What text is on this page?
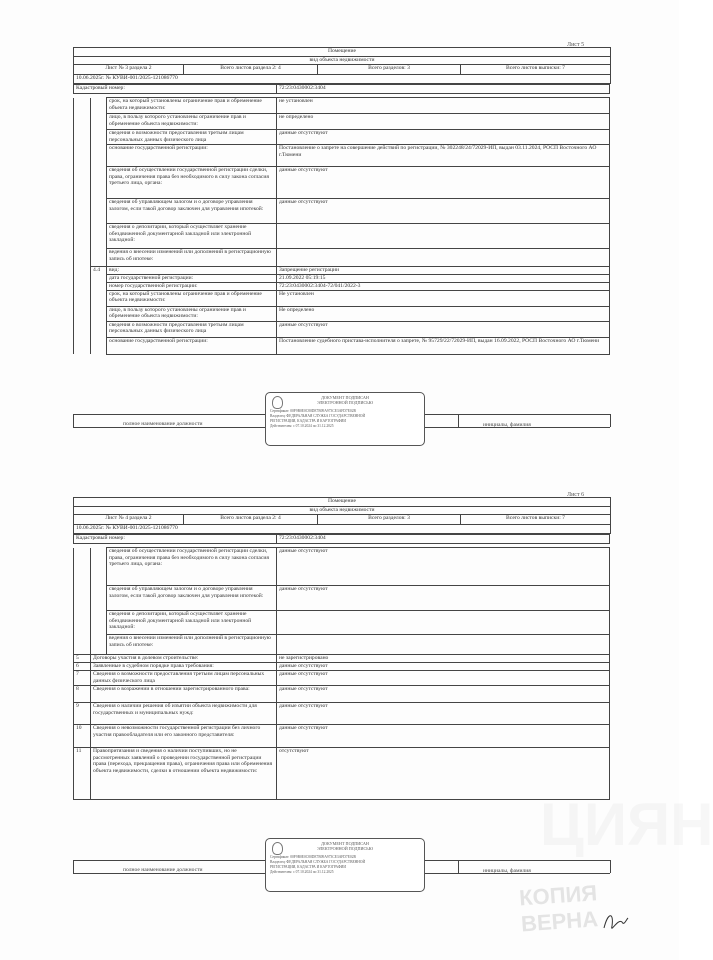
Лист 5
Помещение
вид объекта недвижимости
Лист № 3 раздела 2	Всего листов раздела 2: 4	Всего разделов: 3	Всего листов выписки: 7
10.06.2025г. № КУВИ-001/2025-121086770
Кадастровый номер:	72:23:0430002:3404
		срок, на который установлены ограничение прав и обременение объекта недвижимости:	не установлен
		лицо, в пользу которого установлены ограничение прав и обременение объекта недвижимости:	не определено
		сведения о возможности предоставления третьим лицам персональных данных физического лица	данные отсутствуют
		основание государственной регистрации:	Постановление о запрете на совершение действий по регистрации, № 302248/24/72029-ИП, выдан 03.11.2024, РОСП Восточного АО г.Тюмени
		сведения об осуществлении государственной регистрации сделки, права, ограничения права без необходимого в силу закона согласия третьего лица, органа:	данные отсутствуют
		сведения об управляющем залогом и о договоре управления залогом, если такой договор заключен для управления ипотекой:	данные отсутствуют
		сведения о депозитарии, который осуществляет хранение обездвиженной документарной закладной или электронной закладной:	
		ведения о внесении изменений или дополнений в регистрационную запись об ипотеке:	
	4.4	вид:	Запрещение регистрации
		дата государственной регистрации:	21.09.2022 05:19:15
		номер государственной регистрации:	72:23:0430002:3404-72/041/2022-3
		срок, на который установлены ограничение прав и обременение объекта недвижимости:	Не установлен
		лицо, в пользу которого установлены ограничение прав и обременение объекта недвижимости:	Не определено
		сведения о возможности предоставления третьим лицам персональных данных физического лица	данные отсутствуют
		основание государственной регистрации:	Постановление судебного пристава-исполнителя о запрете, № 95729/22/72029-ИП, выдан 16.09.2022, РОСП Восточного АО г.Тюмени
полное наименование должности	инициалы, фамилия
ДОКУМЕНТ ПОДПИСАН
ЭЛЕКТРОННОЙ ПОДПИСЬЮ
Сертификат: 00F9B0E0C80DE7B09A973CE3AFD7E02B
Владелец: ФЕДЕРАЛЬНАЯ СЛУЖБА ГОСУДАРСТВЕННОЙ
РЕГИСТРАЦИИ, КАДАСТРА И КАРТОГРАФИИ
Действителен: с 07.10.2024 по 31.12.2025
Лист 6
Помещение
вид объекта недвижимости
Лист № 4 раздела 2	Всего листов раздела 2: 4	Всего разделов: 3	Всего листов выписки: 7
10.06.2025г. № КУВИ-001/2025-121086770
Кадастровый номер:	72:23:0430002:3404
		сведения об осуществлении государственной регистрации сделки, права, ограничения права без необходимого в силу закона согласия третьего лица, органа:	данные отсутствуют
		сведения об управляющем залогом и о договоре управления залогом, если такой договор заключен для управления ипотекой:	данные отсутствуют
		сведения о депозитарии, который осуществляет хранение обездвиженной документарной закладной или электронной закладной:	
		ведения о внесении изменений или дополнений в регистрационную запись об ипотеке:	
5	Договоры участия в долевом строительстве:		не зарегистрировано
6	Заявленные в судебном порядке права требования:		данные отсутствуют
7	Сведения о возможности предоставления третьим лицам персональных данных физического лица		данные отсутствуют
8	Сведения о возражении в отношении зарегистрированного права:		данные отсутствуют
9	Сведения о наличии решения об изъятии объекта недвижимости для государственных и муниципальных нужд:		данные отсутствуют
10	Сведения о невозможности государственной регистрации без личного участия правообладателя или его законного представителя:		данные отсутствуют
11	Правопритязания и сведения о наличии поступивших, но не рассмотренных заявлений о проведении государственной регистрации права (перехода, прекращения права), ограничения права или обременения объекта недвижимости, сделки в отношении объекта недвижимости:		отсутствуют
полное наименование должности	инициалы, фамилия
ДОКУМЕНТ ПОДПИСАН
ЭЛЕКТРОННОЙ ПОДПИСЬЮ
Сертификат: 00F9B0E0C80DE7B09A973CE3AFD7E02B
Владелец: ФЕДЕРАЛЬНАЯ СЛУЖБА ГОСУДАРСТВЕННОЙ
РЕГИСТРАЦИИ, КАДАСТРА И КАРТОГРАФИИ
Действителен: с 07.10.2024 по 31.12.2025
ЦИЯН
КОПИЯ ВЕРНА
